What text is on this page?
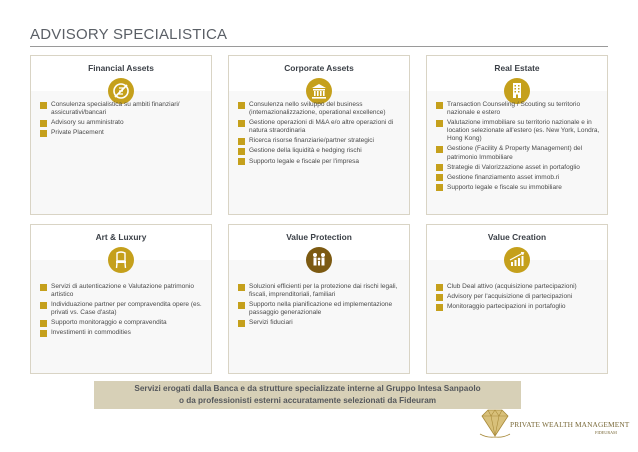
ADVISORY SPECIALISTICA
Financial Assets
Consulenza specialistica su ambiti finanziari/ assicurativi/bancari
Advisory su amministrato
Private Placement
Corporate Assets
Consulenza nello sviluppo del business (internazionalizzazione, operational excellence)
Gestione operazioni di M&A e/o altre operazioni di natura straordinaria
Ricerca risorse finanziarie/partner strategici
Gestione della liquidità e hedging rischi
Supporto legale e fiscale per l'impresa
Real Estate
Transaction Counseling / Scouting su territorio nazionale e estero
Valutazione immobiliare su territorio nazionale e in location selezionate all'estero (es. New York, Londra, Hong Kong)
Gestione (Facility & Property Management) del patrimonio Immobiliare
Strategie di Valorizzazione asset in portafoglio
Gestione finanziamento asset immob.ri
Supporto legale e fiscale su immobiliare
Art & Luxury
Servizi di autenticazione e Valutazione patrimonio artistico
Individuazione partner per compravendita opere (es. privati vs. Case d'asta)
Supporto monitoraggio e compravendita
Investimenti in commodities
Value Protection
Soluzioni efficienti per la protezione dai rischi legali, fiscali, imprenditoriali, familiari
Supporto nella pianificazione ed implementazione passaggio generazionale
Servizi fiduciari
Value Creation
Club Deal attivo (acquisizione partecipazioni)
Advisory per l'acquisizione di partecipazioni
Monitoraggio partecipazioni in portafoglio
Servizi erogati dalla Banca e da strutture specializzate interne al Gruppo Intesa Sanpaolo
o da professionisti esterni accuratamente selezionati da Fideuram
PRIVATE WEALTH MANAGEMENT
FIDEURAM
